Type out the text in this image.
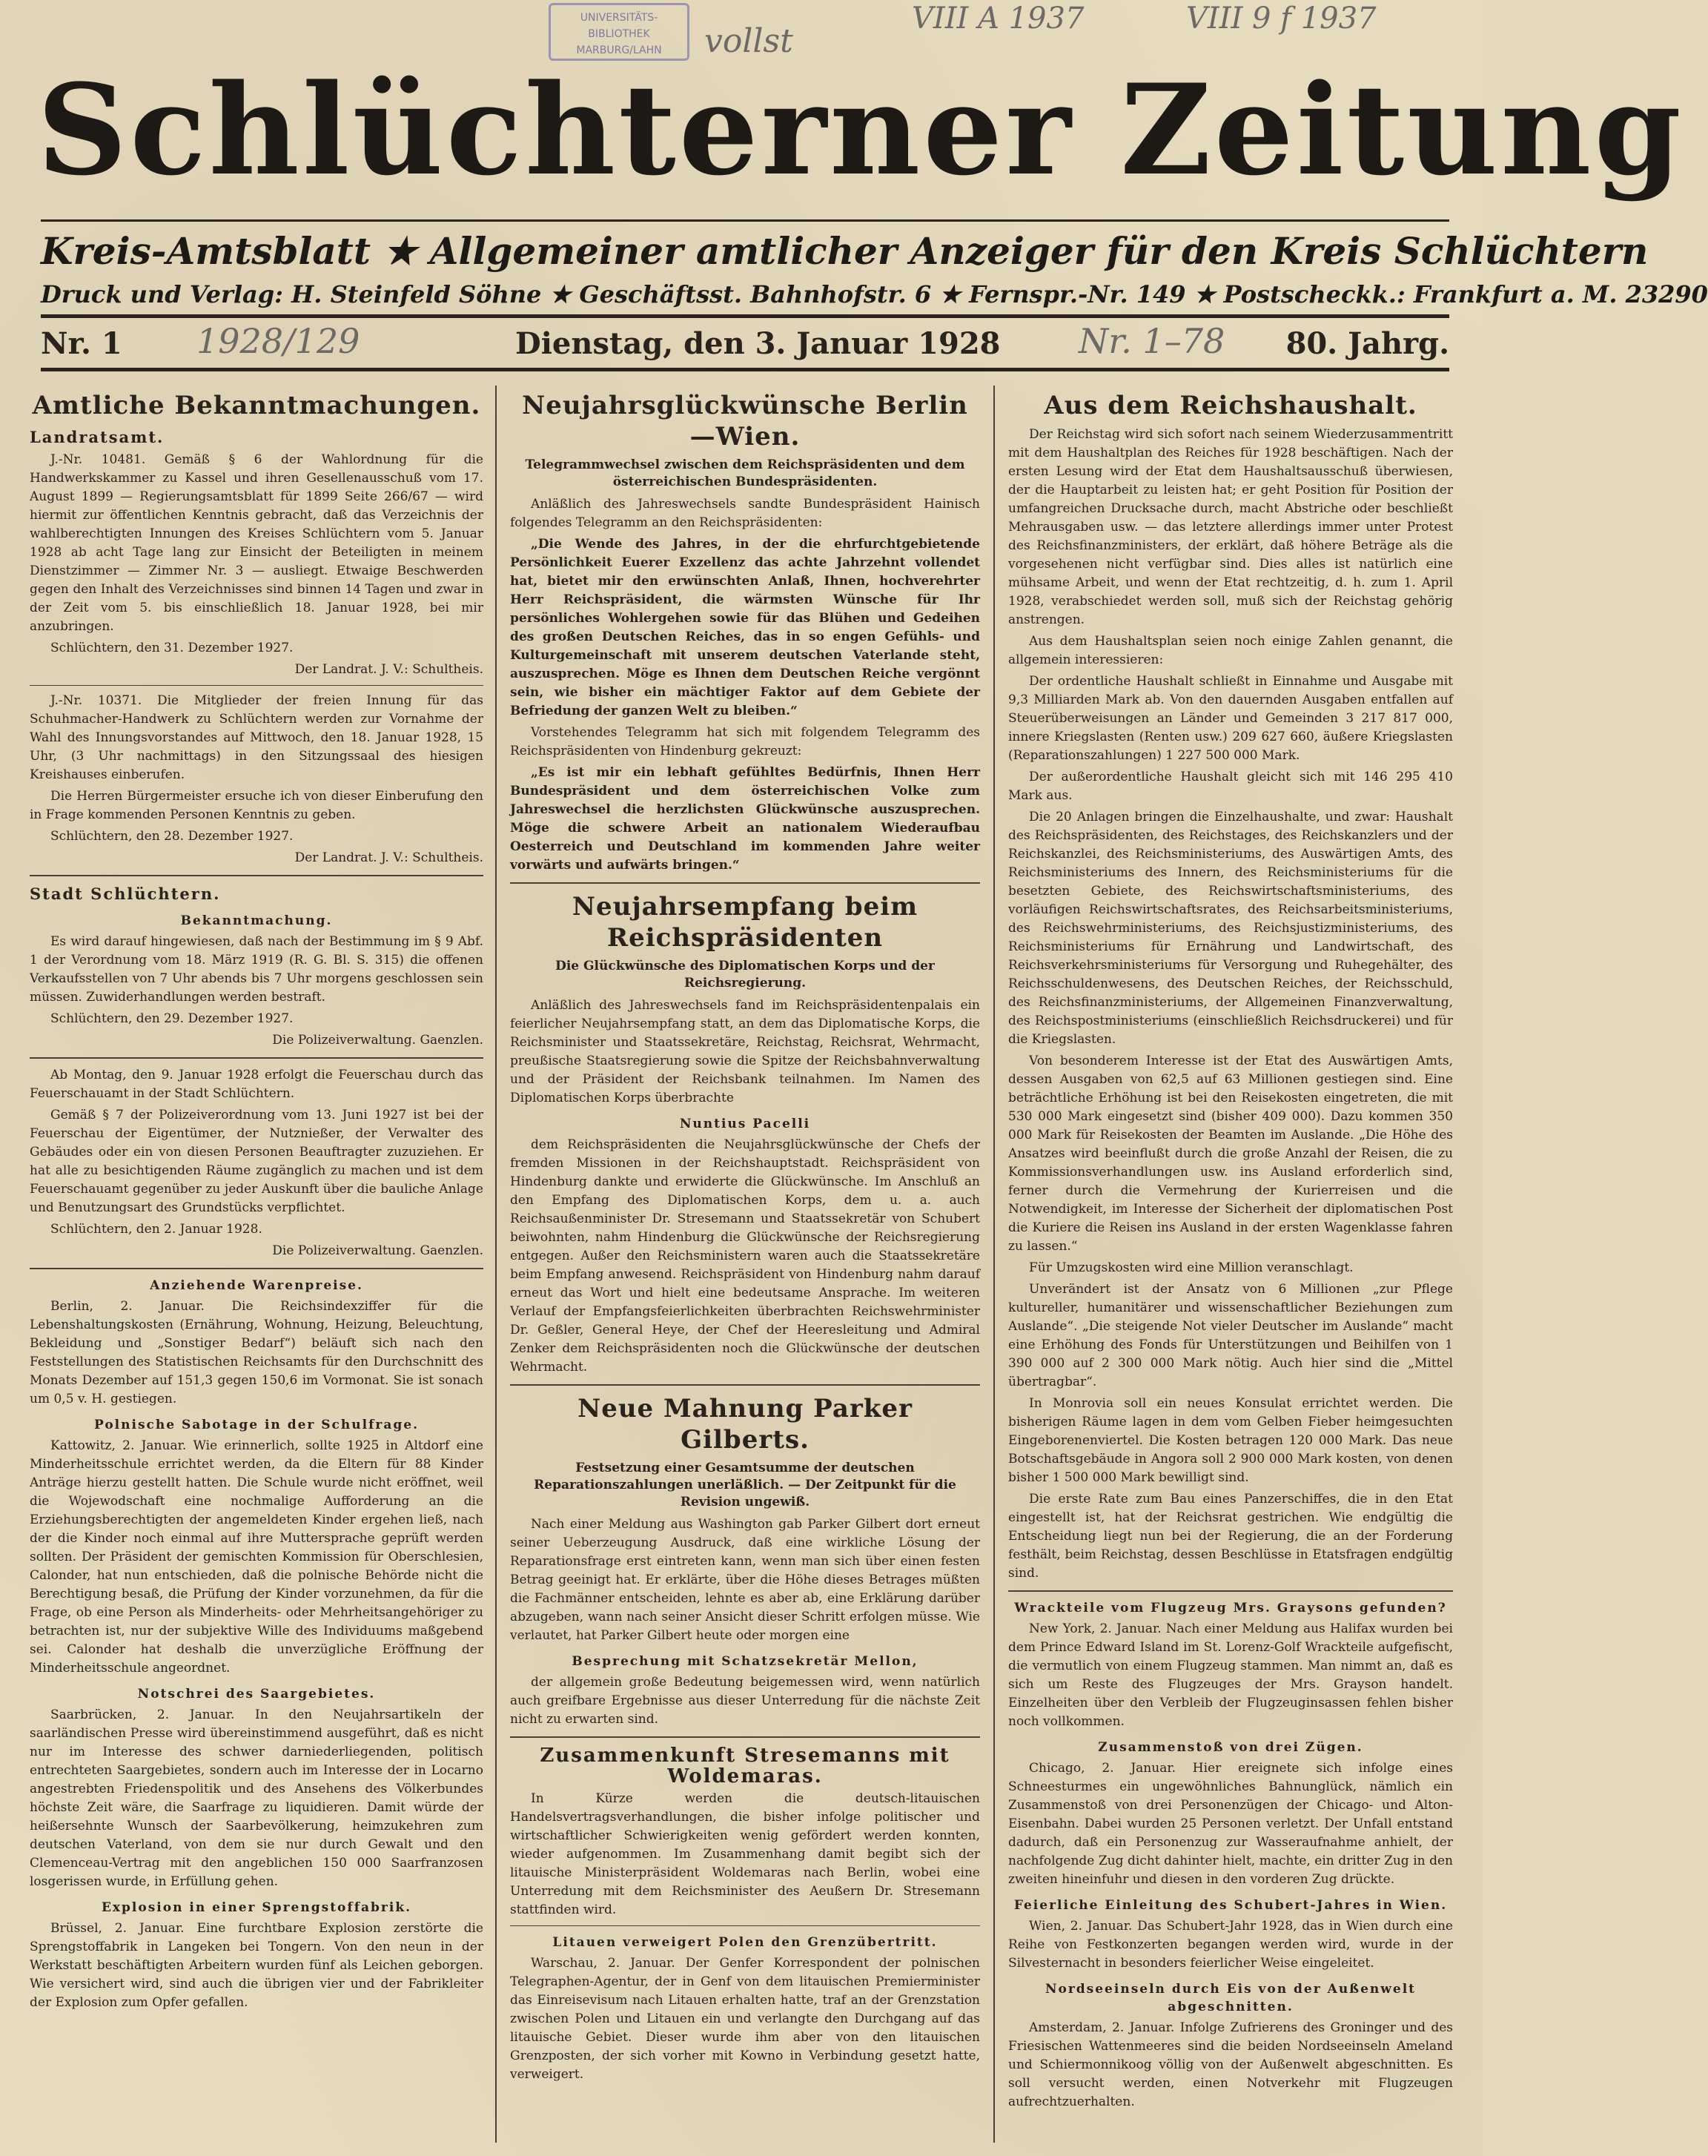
UNIVERSITÄTS-
BIBLIOTHEK
MARBURG/LAHN	vollst
VIII A 1937	VIII 9 f 1937
Schlüchterner Zeitung
Kreis-Amtsblatt ★ Allgemeiner amtlicher Anzeiger für den Kreis Schlüchtern
Druck und Verlag: H. Steinfeld Söhne ★ Geschäftsst. Bahnhofstr. 6 ★ Fernspr.-Nr. 149 ★ Postscheckk.: Frankfurt a. M. 23290
Nr. 1 1928/129	Dienstag, den 3. Januar 1928 Nr. 1–78 80. Jahrg.
Amtliche Bekanntmachungen.
Landratsamt.

J.-Nr. 10481. Gemäß § 6 der Wahlordnung für die Handwerkskammer zu Kassel und ihren Gesellenausschuß vom 17. August 1899 — Regierungsamtsblatt für 1899 Seite 266/67 — wird hiermit zur öffentlichen Kenntnis gebracht, daß das Verzeichnis der wahlberechtigten Innungen des Kreises Schlüchtern vom 5. Januar 1928 ab acht Tage lang zur Einsicht der Beteiligten in meinem Dienstzimmer — Zimmer Nr. 3 — ausliegt. Etwaige Beschwerden gegen den Inhalt des Verzeichnisses sind binnen 14 Tagen und zwar in der Zeit vom 5. bis einschließlich 18. Januar 1928, bei mir anzubringen.

Schlüchtern, den 31. Dezember 1927.

Der Landrat. J. V.: Schultheis.

J.-Nr. 10371. Die Mitglieder der freien Innung für das Schuhmacher-Handwerk zu Schlüchtern werden zur Vornahme der Wahl des Innungsvorstandes auf Mittwoch, den 18. Januar 1928, 15 Uhr, (3 Uhr nachmittags) in den Sitzungssaal des hiesigen Kreishauses einberufen.

Die Herren Bürgermeister ersuche ich von dieser Einberufung den in Frage kommenden Personen Kenntnis zu geben.

Schlüchtern, den 28. Dezember 1927.

Der Landrat. J. V.: Schultheis.

Stadt Schlüchtern.
Bekanntmachung.

Es wird darauf hingewiesen, daß nach der Bestimmung im § 9 Abf. 1 der Verordnung vom 18. März 1919 (R. G. Bl. S. 315) die offenen Verkaufsstellen von 7 Uhr abends bis 7 Uhr morgens geschlossen sein müssen. Zuwiderhandlungen werden bestraft.

Schlüchtern, den 29. Dezember 1927.

Die Polizeiverwaltung. Gaenzlen.

Ab Montag, den 9. Januar 1928 erfolgt die Feuerschau durch das Feuerschauamt in der Stadt Schlüchtern.

Gemäß § 7 der Polizeiverordnung vom 13. Juni 1927 ist bei der Feuerschau der Eigentümer, der Nutznießer, der Verwalter des Gebäudes oder ein von diesen Personen Beauftragter zuzuziehen. Er hat alle zu besichtigenden Räume zugänglich zu machen und ist dem Feuerschauamt gegenüber zu jeder Auskunft über die bauliche Anlage und Benutzungsart des Grundstücks verpflichtet.

Schlüchtern, den 2. Januar 1928.

Die Polizeiverwaltung. Gaenzlen.

Anziehende Warenpreise.

Berlin, 2. Januar. Die Reichsindexziffer für die Lebenshaltungskosten (Ernährung, Wohnung, Heizung, Beleuchtung, Bekleidung und „Sonstiger Bedarf“) beläuft sich nach den Feststellungen des Statistischen Reichsamts für den Durchschnitt des Monats Dezember auf 151,3 gegen 150,6 im Vormonat. Sie ist sonach um 0,5 v. H. gestiegen.

Polnische Sabotage in der Schulfrage.

Kattowitz, 2. Januar. Wie erinnerlich, sollte 1925 in Altdorf eine Minderheitsschule errichtet werden, da die Eltern für 88 Kinder Anträge hierzu gestellt hatten. Die Schule wurde nicht eröffnet, weil die Wojewodschaft eine nochmalige Aufforderung an die Erziehungsberechtigten der angemeldeten Kinder ergehen ließ, nach der die Kinder noch einmal auf ihre Muttersprache geprüft werden sollten. Der Präsident der gemischten Kommission für Oberschlesien, Calonder, hat nun entschieden, daß die polnische Behörde nicht die Berechtigung besaß, die Prüfung der Kinder vorzunehmen, da für die Frage, ob eine Person als Minderheits- oder Mehrheitsangehöriger zu betrachten ist, nur der subjektive Wille des Individuums maßgebend sei. Calonder hat deshalb die unverzügliche Eröffnung der Minderheitsschule angeordnet.

Notschrei des Saargebietes.

Saarbrücken, 2. Januar. In den Neujahrsartikeln der saarländischen Presse wird übereinstimmend ausgeführt, daß es nicht nur im Interesse des schwer darniederliegenden, politisch entrechteten Saargebietes, sondern auch im Interesse der in Locarno angestrebten Friedenspolitik und des Ansehens des Völkerbundes höchste Zeit wäre, die Saarfrage zu liquidieren. Damit würde der heißersehnte Wunsch der Saarbevölkerung, heimzukehren zum deutschen Vaterland, von dem sie nur durch Gewalt und den Clemenceau-Vertrag mit den angeblichen 150 000 Saarfranzosen losgerissen wurde, in Erfüllung gehen.

Explosion in einer Sprengstoffabrik.

Brüssel, 2. Januar. Eine furchtbare Explosion zerstörte die Sprengstoffabrik in Langeken bei Tongern. Von den neun in der Werkstatt beschäftigten Arbeitern wurden fünf als Leichen geborgen. Wie versichert wird, sind auch die übrigen vier und der Fabrikleiter der Explosion zum Opfer gefallen.

Neujahrsglückwünsche Berlin—Wien.
Telegrammwechsel zwischen dem Reichspräsidenten und dem österreichischen Bundespräsidenten.

Anläßlich des Jahreswechsels sandte Bundespräsident Hainisch folgendes Telegramm an den Reichspräsidenten:

„Die Wende des Jahres, in der die ehrfurchtgebietende Persönlichkeit Euerer Exzellenz das achte Jahrzehnt vollendet hat, bietet mir den erwünschten Anlaß, Ihnen, hochverehrter Herr Reichspräsident, die wärmsten Wünsche für Ihr persönliches Wohlergehen sowie für das Blühen und Gedeihen des großen Deutschen Reiches, das in so engen Gefühls- und Kulturgemeinschaft mit unserem deutschen Vaterlande steht, auszusprechen. Möge es Ihnen dem Deutschen Reiche vergönnt sein, wie bisher ein mächtiger Faktor auf dem Gebiete der Befriedung der ganzen Welt zu bleiben.“

Vorstehendes Telegramm hat sich mit folgendem Telegramm des Reichspräsidenten von Hindenburg gekreuzt:

„Es ist mir ein lebhaft gefühltes Bedürfnis, Ihnen Herr Bundespräsident und dem österreichischen Volke zum Jahreswechsel die herzlichsten Glückwünsche auszusprechen. Möge die schwere Arbeit an nationalem Wiederaufbau Oesterreich und Deutschland im kommenden Jahre weiter vorwärts und aufwärts bringen.“

Neujahrsempfang beim Reichspräsidenten
Die Glückwünsche des Diplomatischen Korps und der Reichsregierung.

Anläßlich des Jahreswechsels fand im Reichspräsidentenpalais ein feierlicher Neujahrsempfang statt, an dem das Diplomatische Korps, die Reichsminister und Staatssekretäre, Reichstag, Reichsrat, Wehrmacht, preußische Staatsregierung sowie die Spitze der Reichsbahnverwaltung und der Präsident der Reichsbank teilnahmen. Im Namen des Diplomatischen Korps überbrachte

Nuntius Pacelli

dem Reichspräsidenten die Neujahrsglückwünsche der Chefs der fremden Missionen in der Reichshauptstadt. Reichspräsident von Hindenburg dankte und erwiderte die Glückwünsche. Im Anschluß an den Empfang des Diplomatischen Korps, dem u. a. auch Reichsaußenminister Dr. Stresemann und Staatssekretär von Schubert beiwohnten, nahm Hindenburg die Glückwünsche der Reichsregierung entgegen. Außer den Reichsministern waren auch die Staatssekretäre beim Empfang anwesend. Reichspräsident von Hindenburg nahm darauf erneut das Wort und hielt eine bedeutsame Ansprache. Im weiteren Verlauf der Empfangsfeierlichkeiten überbrachten Reichswehrminister Dr. Geßler, General Heye, der Chef der Heeresleitung und Admiral Zenker dem Reichspräsidenten noch die Glückwünsche der deutschen Wehrmacht.

Neue Mahnung Parker Gilberts.
Festsetzung einer Gesamtsumme der deutschen Reparationszahlungen unerläßlich. — Der Zeitpunkt für die Revision ungewiß.

Nach einer Meldung aus Washington gab Parker Gilbert dort erneut seiner Ueberzeugung Ausdruck, daß eine wirkliche Lösung der Reparationsfrage erst eintreten kann, wenn man sich über einen festen Betrag geeinigt hat. Er erklärte, über die Höhe dieses Betrages müßten die Fachmänner entscheiden, lehnte es aber ab, eine Erklärung darüber abzugeben, wann nach seiner Ansicht dieser Schritt erfolgen müsse. Wie verlautet, hat Parker Gilbert heute oder morgen eine

Besprechung mit Schatzsekretär Mellon,

der allgemein große Bedeutung beigemessen wird, wenn natürlich auch greifbare Ergebnisse aus dieser Unterredung für die nächste Zeit nicht zu erwarten sind.

Zusammenkunft Stresemanns mit Woldemaras.

In Kürze werden die deutsch-litauischen Handelsvertragsverhandlungen, die bisher infolge politischer und wirtschaftlicher Schwierigkeiten wenig gefördert werden konnten, wieder aufgenommen. Im Zusammenhang damit begibt sich der litauische Ministerpräsident Woldemaras nach Berlin, wobei eine Unterredung mit dem Reichsminister des Aeußern Dr. Stresemann stattfinden wird.

Litauen verweigert Polen den Grenzübertritt.

Warschau, 2. Januar. Der Genfer Korrespondent der polnischen Telegraphen-Agentur, der in Genf von dem litauischen Premierminister das Einreisevisum nach Litauen erhalten hatte, traf an der Grenzstation zwischen Polen und Litauen ein und verlangte den Durchgang auf das litauische Gebiet. Dieser wurde ihm aber von den litauischen Grenzposten, der sich vorher mit Kowno in Verbindung gesetzt hatte, verweigert.

Aus dem Reichshaushalt.

Der Reichstag wird sich sofort nach seinem Wiederzusammentritt mit dem Haushaltplan des Reiches für 1928 beschäftigen. Nach der ersten Lesung wird der Etat dem Haushaltsausschuß überwiesen, der die Hauptarbeit zu leisten hat; er geht Position für Position der umfangreichen Drucksache durch, macht Abstriche oder beschließt Mehrausgaben usw. — das letztere allerdings immer unter Protest des Reichsfinanzministers, der erklärt, daß höhere Beträge als die vorgesehenen nicht verfügbar sind. Dies alles ist natürlich eine mühsame Arbeit, und wenn der Etat rechtzeitig, d. h. zum 1. April 1928, verabschiedet werden soll, muß sich der Reichstag gehörig anstrengen.

Aus dem Haushaltsplan seien noch einige Zahlen genannt, die allgemein interessieren:

Der ordentliche Haushalt schließt in Einnahme und Ausgabe mit 9,3 Milliarden Mark ab. Von den dauernden Ausgaben entfallen auf Steuerüberweisungen an Länder und Gemeinden 3 217 817 000, innere Kriegslasten (Renten usw.) 209 627 660, äußere Kriegslasten (Reparationszahlungen) 1 227 500 000 Mark.

Der außerordentliche Haushalt gleicht sich mit 146 295 410 Mark aus.

Die 20 Anlagen bringen die Einzelhaushalte, und zwar: Haushalt des Reichspräsidenten, des Reichstages, des Reichskanzlers und der Reichskanzlei, des Reichsministeriums, des Auswärtigen Amts, des Reichsministeriums des Innern, des Reichsministeriums für die besetzten Gebiete, des Reichswirtschaftsministeriums, des vorläufigen Reichswirtschaftsrates, des Reichsarbeitsministeriums, des Reichswehrministeriums, des Reichsjustizministeriums, des Reichsministeriums für Ernährung und Landwirtschaft, des Reichsverkehrsministeriums für Versorgung und Ruhegehälter, des Reichsschuldenwesens, des Deutschen Reiches, der Reichsschuld, des Reichsfinanzministeriums, der Allgemeinen Finanzverwaltung, des Reichspostministeriums (einschließlich Reichsdruckerei) und für die Kriegslasten.

Von besonderem Interesse ist der Etat des Auswärtigen Amts, dessen Ausgaben von 62,5 auf 63 Millionen gestiegen sind. Eine beträchtliche Erhöhung ist bei den Reisekosten eingetreten, die mit 530 000 Mark eingesetzt sind (bisher 409 000). Dazu kommen 350 000 Mark für Reisekosten der Beamten im Auslande. „Die Höhe des Ansatzes wird beeinflußt durch die große Anzahl der Reisen, die zu Kommissionsverhandlungen usw. ins Ausland erforderlich sind, ferner durch die Vermehrung der Kurierreisen und die Notwendigkeit, im Interesse der Sicherheit der diplomatischen Post die Kuriere die Reisen ins Ausland in der ersten Wagenklasse fahren zu lassen.“

Für Umzugskosten wird eine Million veranschlagt.

Unverändert ist der Ansatz von 6 Millionen „zur Pflege kultureller, humanitärer und wissenschaftlicher Beziehungen zum Auslande“. „Die steigende Not vieler Deutscher im Auslande“ macht eine Erhöhung des Fonds für Unterstützungen und Beihilfen von 1 390 000 auf 2 300 000 Mark nötig. Auch hier sind die „Mittel übertragbar“.

In Monrovia soll ein neues Konsulat errichtet werden. Die bisherigen Räume lagen in dem vom Gelben Fieber heimgesuchten Eingeborenenviertel. Die Kosten betragen 120 000 Mark. Das neue Botschaftsgebäude in Angora soll 2 900 000 Mark kosten, von denen bisher 1 500 000 Mark bewilligt sind.

Die erste Rate zum Bau eines Panzerschiffes, die in den Etat eingestellt ist, hat der Reichsrat gestrichen. Wie endgültig die Entscheidung liegt nun bei der Regierung, die an der Forderung festhält, beim Reichstag, dessen Beschlüsse in Etatsfragen endgültig sind.

Wrackteile vom Flugzeug Mrs. Graysons gefunden?

New York, 2. Januar. Nach einer Meldung aus Halifax wurden bei dem Prince Edward Island im St. Lorenz-Golf Wrackteile aufgefischt, die vermutlich von einem Flugzeug stammen. Man nimmt an, daß es sich um Reste des Flugzeuges der Mrs. Grayson handelt. Einzelheiten über den Verbleib der Flugzeuginsassen fehlen bisher noch vollkommen.

Zusammenstoß von drei Zügen.

Chicago, 2. Januar. Hier ereignete sich infolge eines Schneesturmes ein ungewöhnliches Bahnunglück, nämlich ein Zusammenstoß von drei Personenzügen der Chicago- und Alton-Eisenbahn. Dabei wurden 25 Personen verletzt. Der Unfall entstand dadurch, daß ein Personenzug zur Wasseraufnahme anhielt, der nachfolgende Zug dicht dahinter hielt, machte, ein dritter Zug in den zweiten hineinfuhr und diesen in den vorderen Zug drückte.

Feierliche Einleitung des Schubert-Jahres in Wien.

Wien, 2. Januar. Das Schubert-Jahr 1928, das in Wien durch eine Reihe von Festkonzerten begangen werden wird, wurde in der Silvesternacht in besonders feierlicher Weise eingeleitet.

Nordseeinseln durch Eis von der Außenwelt abgeschnitten.

Amsterdam, 2. Januar. Infolge Zufrierens des Groninger und des Friesischen Wattenmeeres sind die beiden Nordseeinseln Ameland und Schiermonnikoog völlig von der Außenwelt abgeschnitten. Es soll versucht werden, einen Notverkehr mit Flugzeugen aufrechtzuerhalten.
